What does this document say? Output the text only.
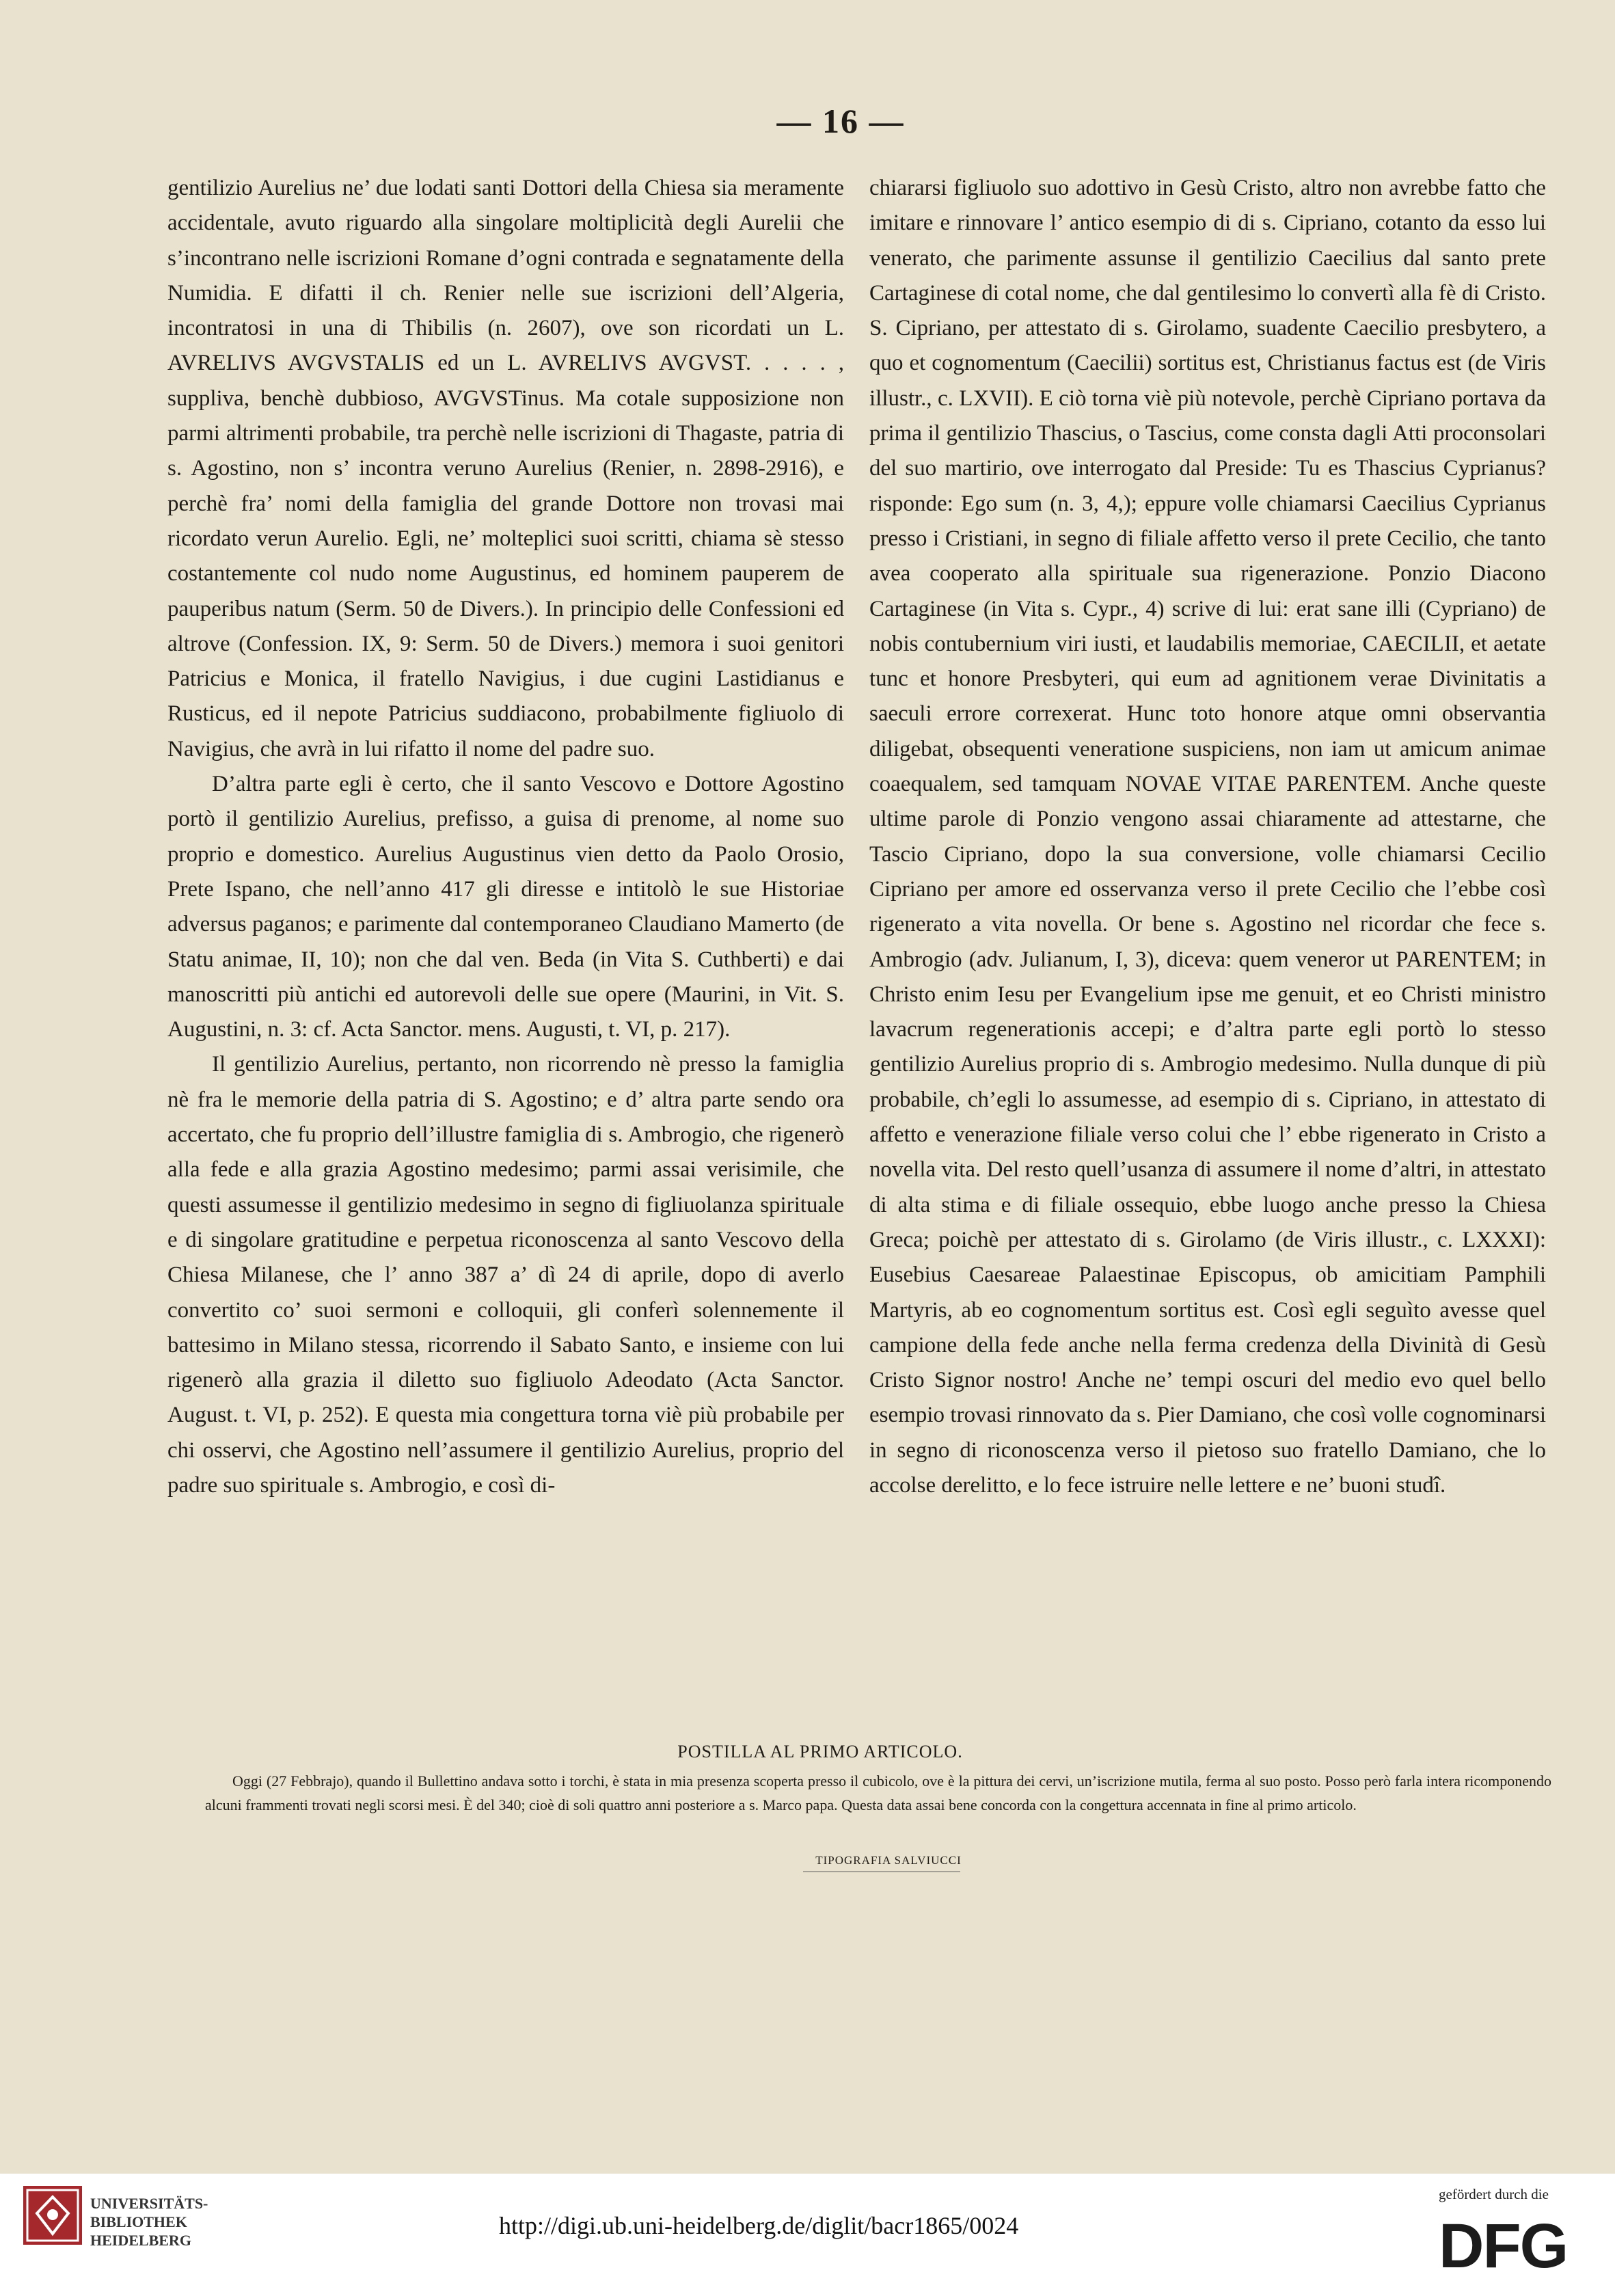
— 16 —

gentilizio Aurelius ne’ due lodati santi Dottori della Chiesa sia meramente accidentale, avuto riguardo alla singolare moltiplicità degli Aurelii che s’incontrano nelle iscrizioni Romane d’ogni contrada e segnatamente della Numidia. E difatti il ch. Renier nelle sue iscrizioni dell’Algeria, incontratosi in una di Thibilis (n. 2607), ove son ricordati un L. AVRELIVS AVGVSTALIS ed un L. AVRELIVS AVGVST. . . . . , suppliva, benchè dubbioso, AVGVSTinus. Ma cotale supposizione non parmi altrimenti probabile, tra perchè nelle iscrizioni di Thagaste, patria di s. Agostino, non s’ incontra veruno Aurelius (Renier, n. 2898-2916), e perchè fra’ nomi della famiglia del grande Dottore non trovasi mai ricordato verun Aurelio. Egli, ne’ molteplici suoi scritti, chiama sè stesso costantemente col nudo nome Augustinus, ed hominem pauperem de pauperibus natum (Serm. 50 de Divers.). In principio delle Confessioni ed altrove (Confession. IX, 9: Serm. 50 de Divers.) memora i suoi genitori Patricius e Monica, il fratello Navigius, i due cugini Lastidianus e Rusticus, ed il nepote Patricius suddiacono, probabilmente figliuolo di Navigius, che avrà in lui rifatto il nome del padre suo.

D’altra parte egli è certo, che il santo Vescovo e Dottore Agostino portò il gentilizio Aurelius, prefisso, a guisa di prenome, al nome suo proprio e domestico. Aurelius Augustinus vien detto da Paolo Orosio, Prete Ispano, che nell’anno 417 gli diresse e intitolò le sue Historiae adversus paganos; e parimente dal contemporaneo Claudiano Mamerto (de Statu animae, II, 10); non che dal ven. Beda (in Vita S. Cuthberti) e dai manoscritti più antichi ed autorevoli delle sue opere (Maurini, in Vit. S. Augustini, n. 3: cf. Acta Sanctor. mens. Augusti, t. VI, p. 217).

Il gentilizio Aurelius, pertanto, non ricorrendo nè presso la famiglia nè fra le memorie della patria di S. Agostino; e d’ altra parte sendo ora accertato, che fu proprio dell’illustre famiglia di s. Ambrogio, che rigenerò alla fede e alla grazia Agostino medesimo; parmi assai verisimile, che questi assumesse il gentilizio medesimo in segno di figliuolanza spirituale e di singolare gratitudine e perpetua riconoscenza al santo Vescovo della Chiesa Milanese, che l’ anno 387 a’ dì 24 di aprile, dopo di averlo convertito co’ suoi sermoni e colloquii, gli conferì solennemente il battesimo in Milano stessa, ricorrendo il Sabato Santo, e insieme con lui rigenerò alla grazia il diletto suo figliuolo Adeodato (Acta Sanctor. August. t. VI, p. 252). E questa mia congettura torna viè più probabile per chi osservi, che Agostino nell’assumere il gentilizio Aurelius, proprio del padre suo spirituale s. Ambrogio, e così di-

chiararsi figliuolo suo adottivo in Gesù Cristo, altro non avrebbe fatto che imitare e rinnovare l’ antico esempio di di s. Cipriano, cotanto da esso lui venerato, che parimente assunse il gentilizio Caecilius dal santo prete Cartaginese di cotal nome, che dal gentilesimo lo convertì alla fè di Cristo. S. Cipriano, per attestato di s. Girolamo, suadente Caecilio presbytero, a quo et cognomentum (Caecilii) sortitus est, Christianus factus est (de Viris illustr., c. LXVII). E ciò torna viè più notevole, perchè Cipriano portava da prima il gentilizio Thascius, o Tascius, come consta dagli Atti proconsolari del suo martirio, ove interrogato dal Preside: Tu es Thascius Cyprianus? risponde: Ego sum (n. 3, 4,); eppure volle chiamarsi Caecilius Cyprianus presso i Cristiani, in segno di filiale affetto verso il prete Cecilio, che tanto avea cooperato alla spirituale sua rigenerazione. Ponzio Diacono Cartaginese (in Vita s. Cypr., 4) scrive di lui: erat sane illi (Cypriano) de nobis contubernium viri iusti, et laudabilis memoriae, CAECILII, et aetate tunc et honore Presbyteri, qui eum ad agnitionem verae Divinitatis a saeculi errore correxerat. Hunc toto honore atque omni observantia diligebat, obsequenti veneratione suspiciens, non iam ut amicum animae coaequalem, sed tamquam NOVAE VITAE PARENTEM. Anche queste ultime parole di Ponzio vengono assai chiaramente ad attestarne, che Tascio Cipriano, dopo la sua conversione, volle chiamarsi Cecilio Cipriano per amore ed osservanza verso il prete Cecilio che l’ebbe così rigenerato a vita novella. Or bene s. Agostino nel ricordar che fece s. Ambrogio (adv. Julianum, I, 3), diceva: quem veneror ut PARENTEM; in Christo enim Iesu per Evangelium ipse me genuit, et eo Christi ministro lavacrum regenerationis accepi; e d’altra parte egli portò lo stesso gentilizio Aurelius proprio di s. Ambrogio medesimo. Nulla dunque di più probabile, ch’egli lo assumesse, ad esempio di s. Cipriano, in attestato di affetto e venerazione filiale verso colui che l’ ebbe rigenerato in Cristo a novella vita. Del resto quell’usanza di assumere il nome d’altri, in attestato di alta stima e di filiale ossequio, ebbe luogo anche presso la Chiesa Greca; poichè per attestato di s. Girolamo (de Viris illustr., c. LXXXI): Eusebius Caesareae Palaestinae Episcopus, ob amicitiam Pamphili Martyris, ab eo cognomentum sortitus est. Così egli seguìto avesse quel campione della fede anche nella ferma credenza della Divinità di Gesù Cristo Signor nostro! Anche ne’ tempi oscuri del medio evo quel bello esempio trovasi rinnovato da s. Pier Damiano, che così volle cognominarsi in segno di riconoscenza verso il pietoso suo fratello Damiano, che lo accolse derelitto, e lo fece istruire nelle lettere e ne’ buoni studî.

POSTILLA AL PRIMO ARTICOLO.
Oggi (27 Febbrajo), quando il Bullettino andava sotto i torchi, è stata in mia presenza scoperta presso il cubicolo, ove è la pittura dei cervi, un’iscrizione mutila, ferma al suo posto. Posso però farla intera ricomponendo alcuni frammenti trovati negli scorsi mesi. È del 340; cioè di soli quattro anni posteriore a s. Marco papa. Questa data assai bene concorda con la congettura accennata in fine al primo articolo.
TIPOGRAFIA SALVIUCCI
UNIVERSITÄTS-
BIBLIOTHEK
HEIDELBERG
http://digi.ub.uni-heidelberg.de/diglit/bacr1865/0024
gefördert durch die
DFG
